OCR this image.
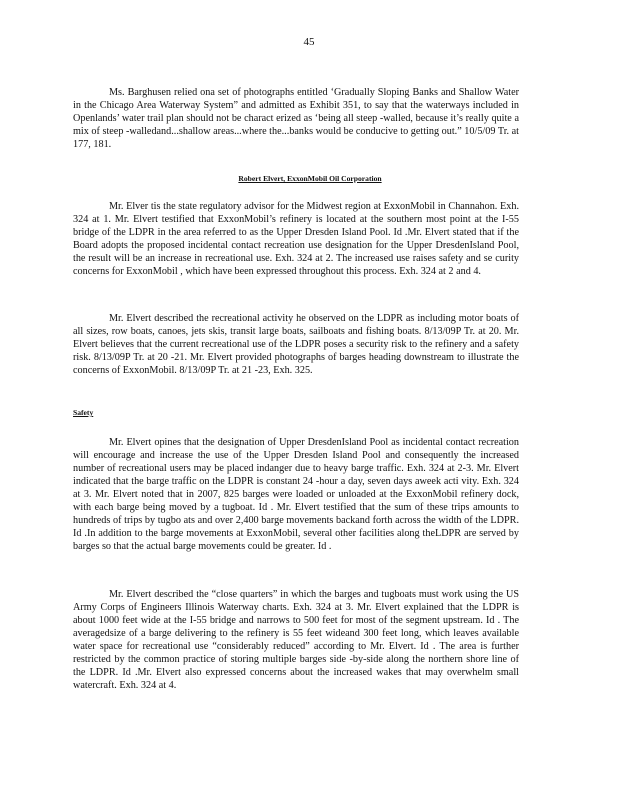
45

Ms. Barghusen relied ona set of photographs entitled ‘Gradually Sloping Banks and Shallow Water in the Chicago Area Waterway System” and admitted as Exhibit 351, to say that the waterways included in Openlands’ water trail plan should not be charact erized as ‘being all steep -walled, because it’s really quite a mix of steep -walledand...shallow areas...where the...banks would be conducive to getting out.” 10/5/09 Tr. at 177, 181.

Robert Elvert, ExxonMobil Oil Corporation

Mr. Elver tis the state regulatory advisor for the Midwest region at ExxonMobil in Channahon. Exh. 324 at 1. Mr. Elvert testified that ExxonMobil’s refinery is located at the southern most point at the I-55 bridge of the LDPR in the area referred to as the Upper Dresden Island Pool. Id .Mr. Elvert stated that if the Board adopts the proposed incidental contact recreation use designation for the Upper DresdenIsland Pool, the result will be an increase in recreational use. Exh. 324 at 2. The increased use raises safety and se curity concerns for ExxonMobil , which have been expressed throughout this process. Exh. 324 at 2 and 4.

Mr. Elvert described the recreational activity he observed on the LDPR as including motor boats of all sizes, row boats, canoes, jets skis, transit large boats, sailboats and fishing boats. 8/13/09P Tr. at 20. Mr. Elvert believes that the current recreational use of the LDPR poses a security risk to the refinery and a safety risk. 8/13/09P Tr. at 20 -21. Mr. Elvert provided photographs of barges heading downstream to illustrate the concerns of ExxonMobil. 8/13/09P Tr. at 21 -23, Exh. 325.

Safety

Mr. Elvert opines that the designation of Upper DresdenIsland Pool as incidental contact recreation will encourage and increase the use of the Upper Dresden Island Pool and consequently the increased number of recreational users may be placed indanger due to heavy barge traffic. Exh. 324 at 2-3. Mr. Elvert indicated that the barge traffic on the LDPR is constant 24 -hour a day, seven days aweek acti vity. Exh. 324 at 3. Mr. Elvert noted that in 2007, 825 barges were loaded or unloaded at the ExxonMobil refinery dock, with each barge being moved by a tugboat. Id . Mr. Elvert testified that the sum of these trips amounts to hundreds of trips by tugbo ats and over 2,400 barge movements backand forth across the width of the LDPR. Id .In addition to the barge movements at ExxonMobil, several other facilities along theLDPR are served by barges so that the actual barge movements could be greater. Id .

Mr. Elvert described the “close quarters” in which the barges and tugboats must work using the US Army Corps of Engineers Illinois Waterway charts. Exh. 324 at 3. Mr. Elvert explained that the LDPR is about 1000 feet wide at the I-55 bridge and narrows to 500 feet for most of the segment upstream. Id . The averagedsize of a barge delivering to the refinery is 55 feet wideand 300 feet long, which leaves available water space for recreational use “considerably reduced” according to Mr. Elvert. Id . The area is further restricted by the common practice of storing multiple barges side -by-side along the northern shore line of the LDPR. Id .Mr. Elvert also expressed concerns about the increased wakes that may overwhelm small watercraft. Exh. 324 at 4.
